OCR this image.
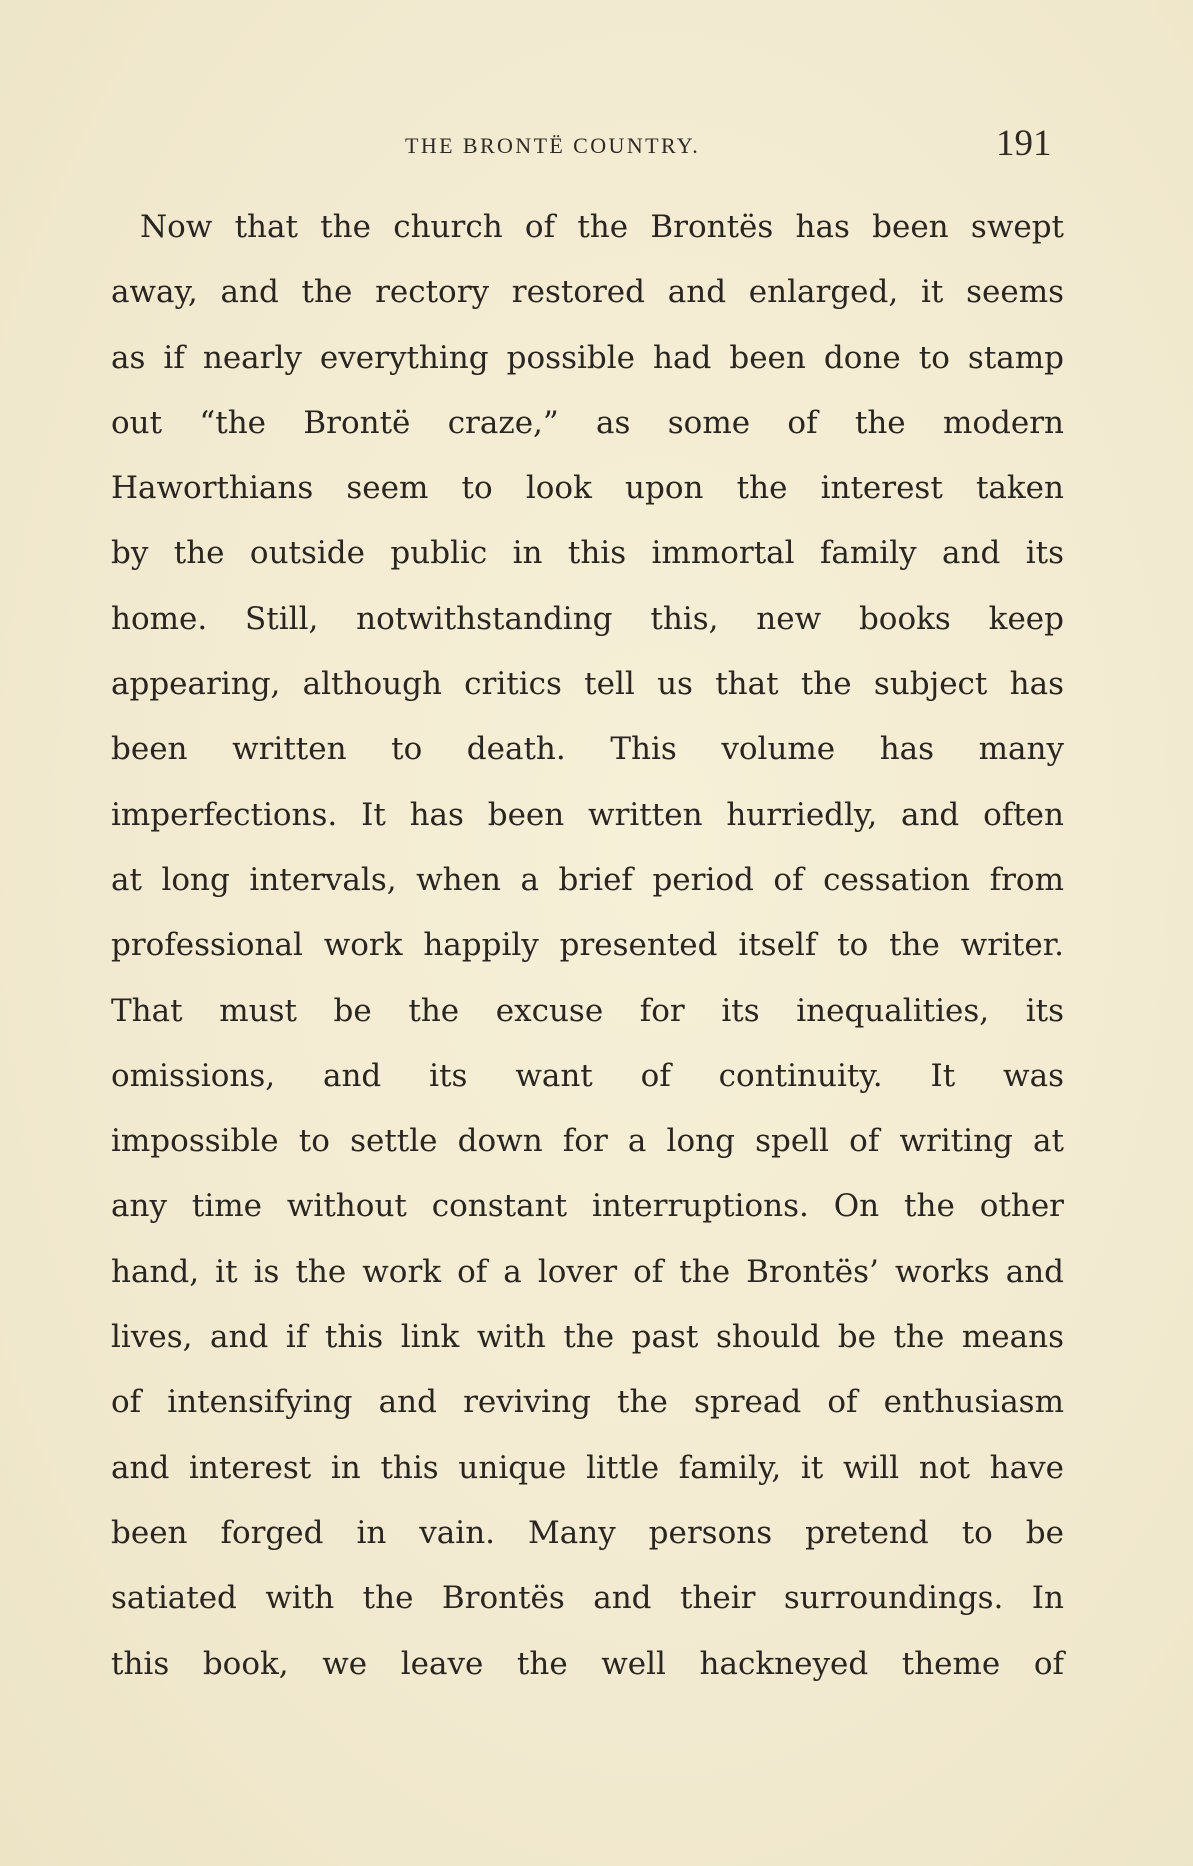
THE BRONTË COUNTRY.	191
Now that the church of the Brontës has been swept
away, and the rectory restored and enlarged, it seems
as if nearly everything possible had been done to stamp
out “the Brontë craze,” as some of the modern
Haworthians seem to look upon the interest taken
by the outside public in this immortal family and its
home. Still, notwithstanding this, new books keep
appearing, although critics tell us that the subject has
been written to death. This volume has many
imperfections. It has been written hurriedly, and often
at long intervals, when a brief period of cessation from
professional work happily presented itself to the writer.
That must be the excuse for its inequalities, its
omissions, and its want of continuity. It was
impossible to settle down for a long spell of writing at
any time without constant interruptions. On the other
hand, it is the work of a lover of the Brontës’ works and
lives, and if this link with the past should be the means
of intensifying and reviving the spread of enthusiasm
and interest in this unique little family, it will not have
been forged in vain. Many persons pretend to be
satiated with the Brontës and their surroundings. In
this book, we leave the well hackneyed theme of
